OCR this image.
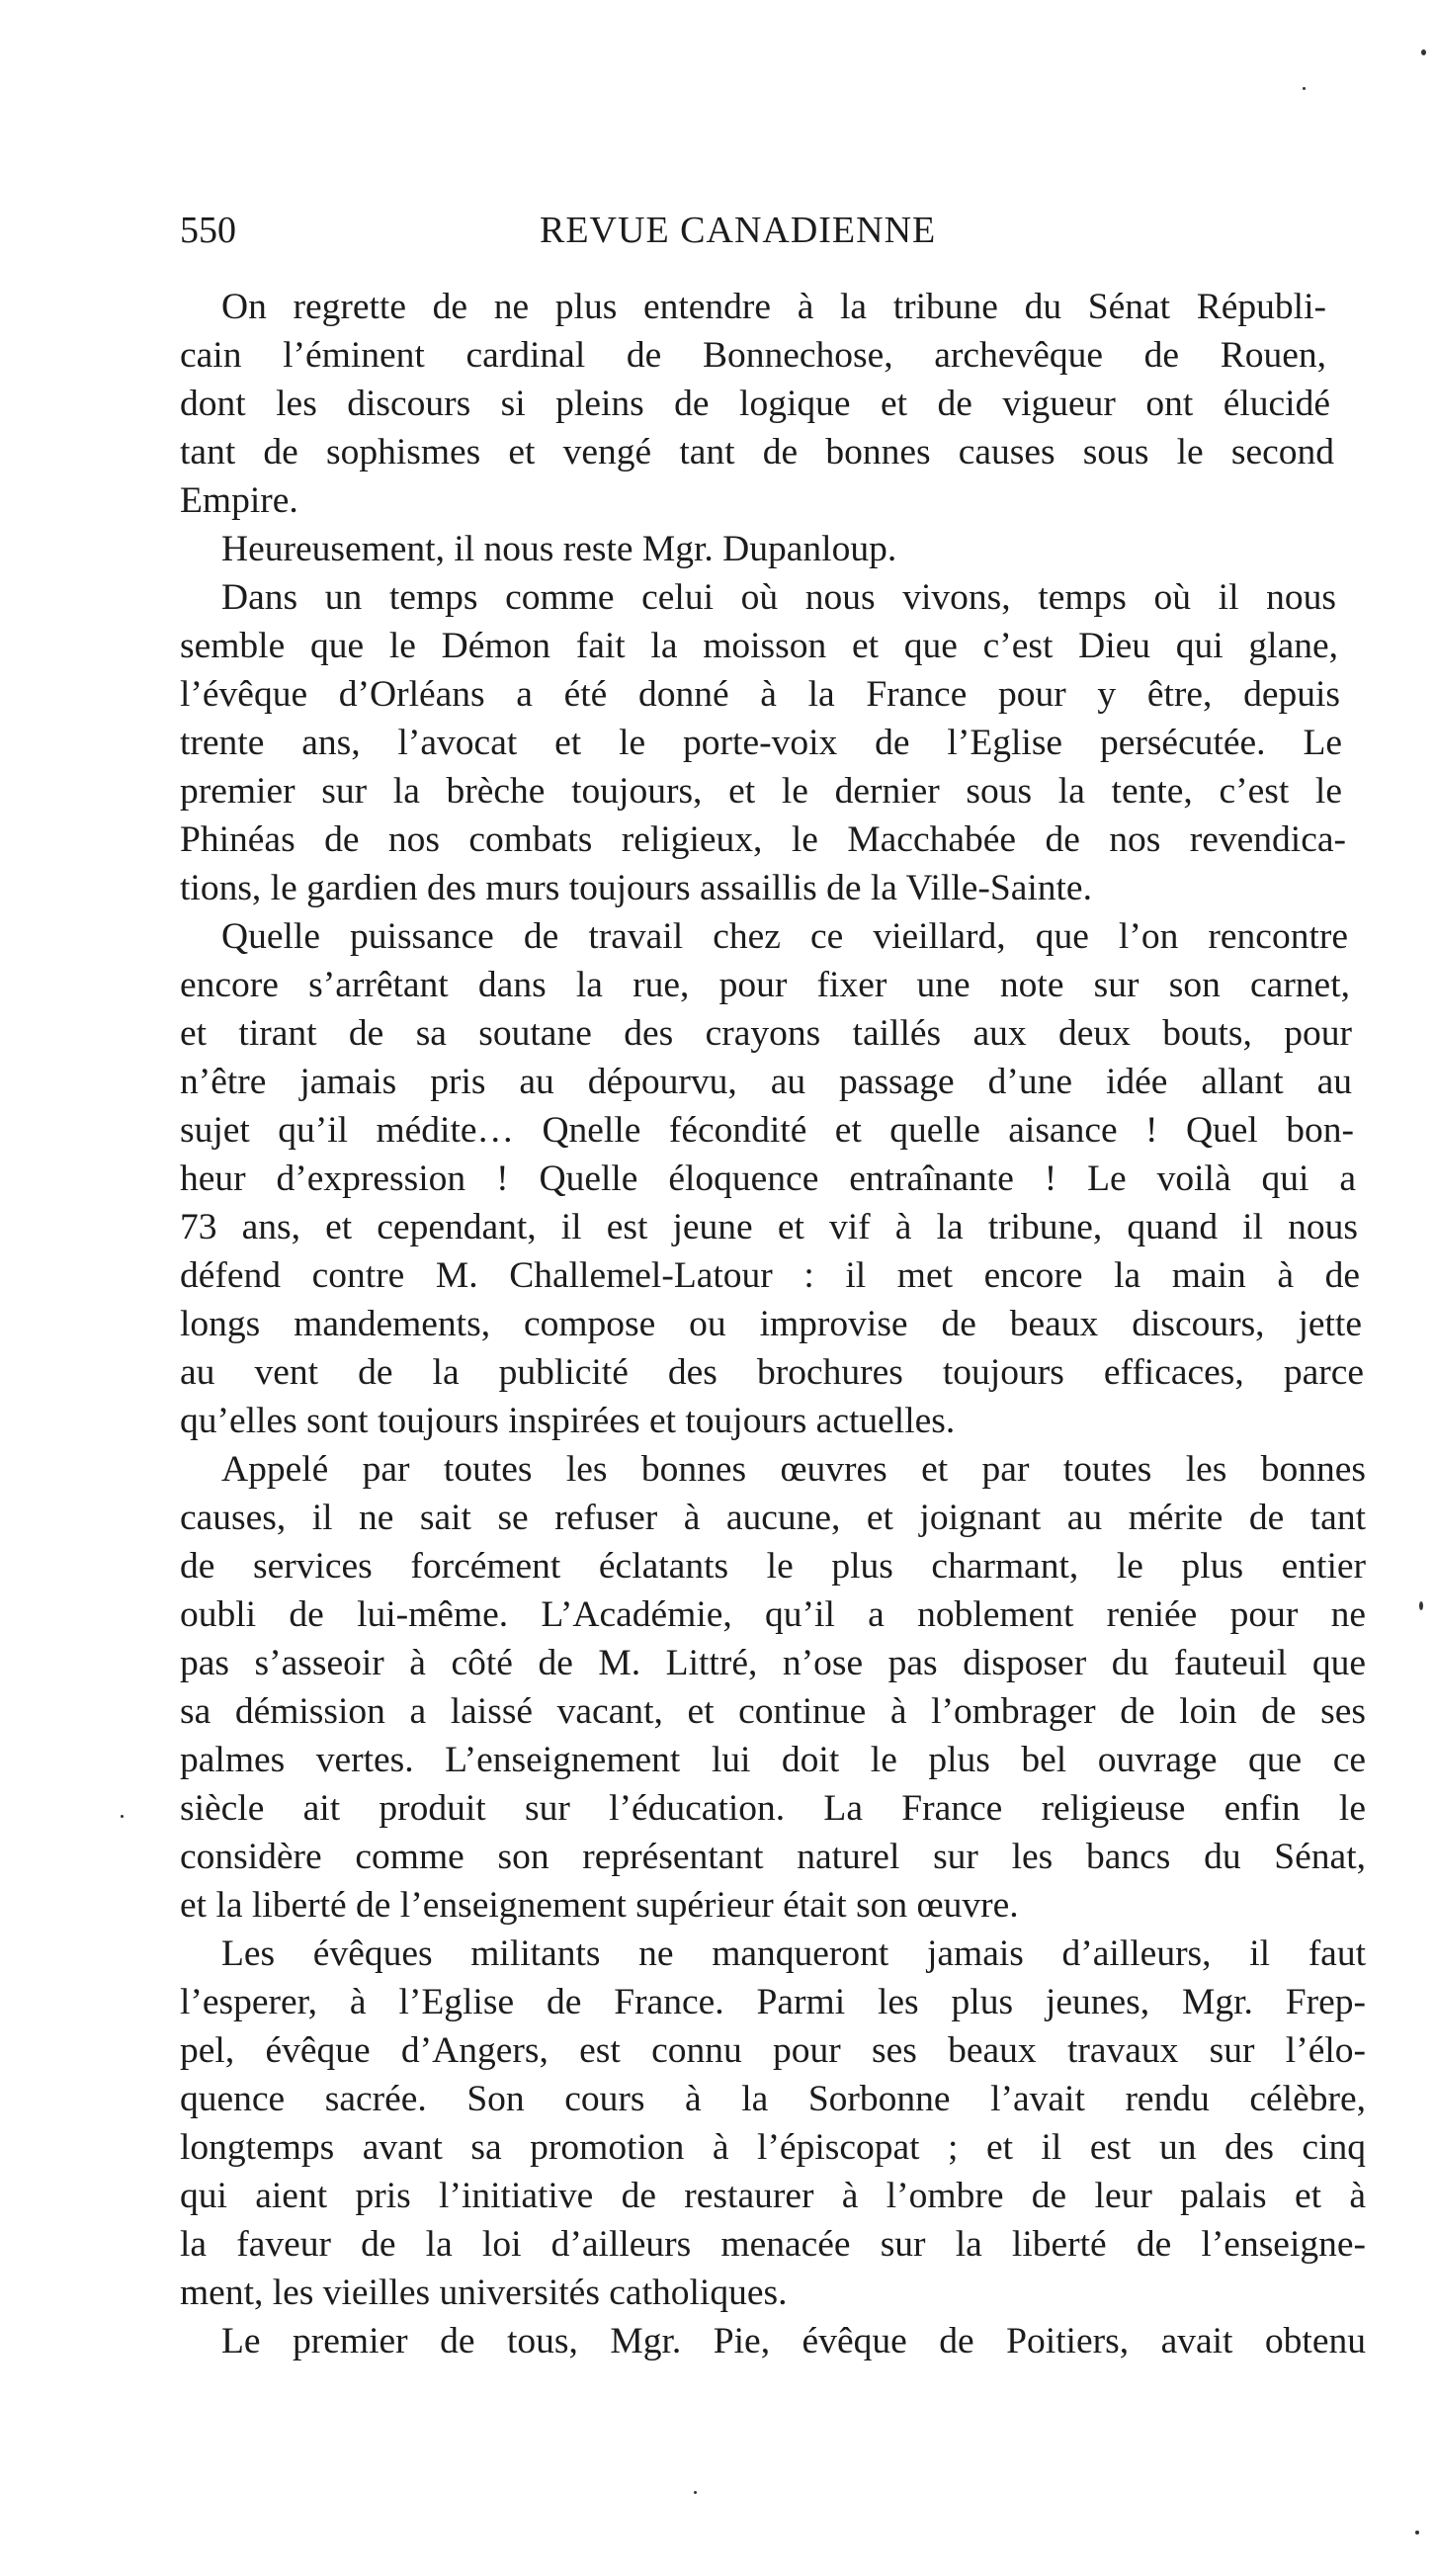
550	REVUE CANADIENNE
On regrette de ne plus entendre à la tribune du Sénat Républi-
cain l’éminent cardinal de Bonnechose, archevêque de Rouen,
dont les discours si pleins de logique et de vigueur ont élucidé
tant de sophismes et vengé tant de bonnes causes sous le second
Empire.
Heureusement, il nous reste Mgr. Dupanloup.
Dans un temps comme celui où nous vivons, temps où il nous
semble que le Démon fait la moisson et que c’est Dieu qui glane,
l’évêque d’Orléans a été donné à la France pour y être, depuis
trente ans, l’avocat et le porte-voix de l’Eglise persécutée. Le
premier sur la brèche toujours, et le dernier sous la tente, c’est le
Phinéas de nos combats religieux, le Macchabée de nos revendica-
tions, le gardien des murs toujours assaillis de la Ville-Sainte.
Quelle puissance de travail chez ce vieillard, que l’on rencontre
encore s’arrêtant dans la rue, pour fixer une note sur son carnet,
et tirant de sa soutane des crayons taillés aux deux bouts, pour
n’être jamais pris au dépourvu, au passage d’une idée allant au
sujet qu’il médite… Qnelle fécondité et quelle aisance ! Quel bon-
heur d’expression ! Quelle éloquence entraînante ! Le voilà qui a
73 ans, et cependant, il est jeune et vif à la tribune, quand il nous
défend contre M. Challemel-Latour : il met encore la main à de
longs mandements, compose ou improvise de beaux discours, jette
au vent de la publicité des brochures toujours efficaces, parce
qu’elles sont toujours inspirées et toujours actuelles.
Appelé par toutes les bonnes œuvres et par toutes les bonnes
causes, il ne sait se refuser à aucune, et joignant au mérite de tant
de services forcément éclatants le plus charmant, le plus entier
oubli de lui-même. L’Académie, qu’il a noblement reniée pour ne
pas s’asseoir à côté de M. Littré, n’ose pas disposer du fauteuil que
sa démission a laissé vacant, et continue à l’ombrager de loin de ses
palmes vertes. L’enseignement lui doit le plus bel ouvrage que ce
siècle ait produit sur l’éducation. La France religieuse enfin le
considère comme son représentant naturel sur les bancs du Sénat,
et la liberté de l’enseignement supérieur était son œuvre.
Les évêques militants ne manqueront jamais d’ailleurs, il faut
l’esperer, à l’Eglise de France. Parmi les plus jeunes, Mgr. Frep-
pel, évêque d’Angers, est connu pour ses beaux travaux sur l’élo-
quence sacrée. Son cours à la Sorbonne l’avait rendu célèbre,
longtemps avant sa promotion à l’épiscopat ; et il est un des cinq
qui aient pris l’initiative de restaurer à l’ombre de leur palais et à
la faveur de la loi d’ailleurs menacée sur la liberté de l’enseigne-
ment, les vieilles universités catholiques.
Le premier de tous, Mgr. Pie, évêque de Poitiers, avait obtenu
